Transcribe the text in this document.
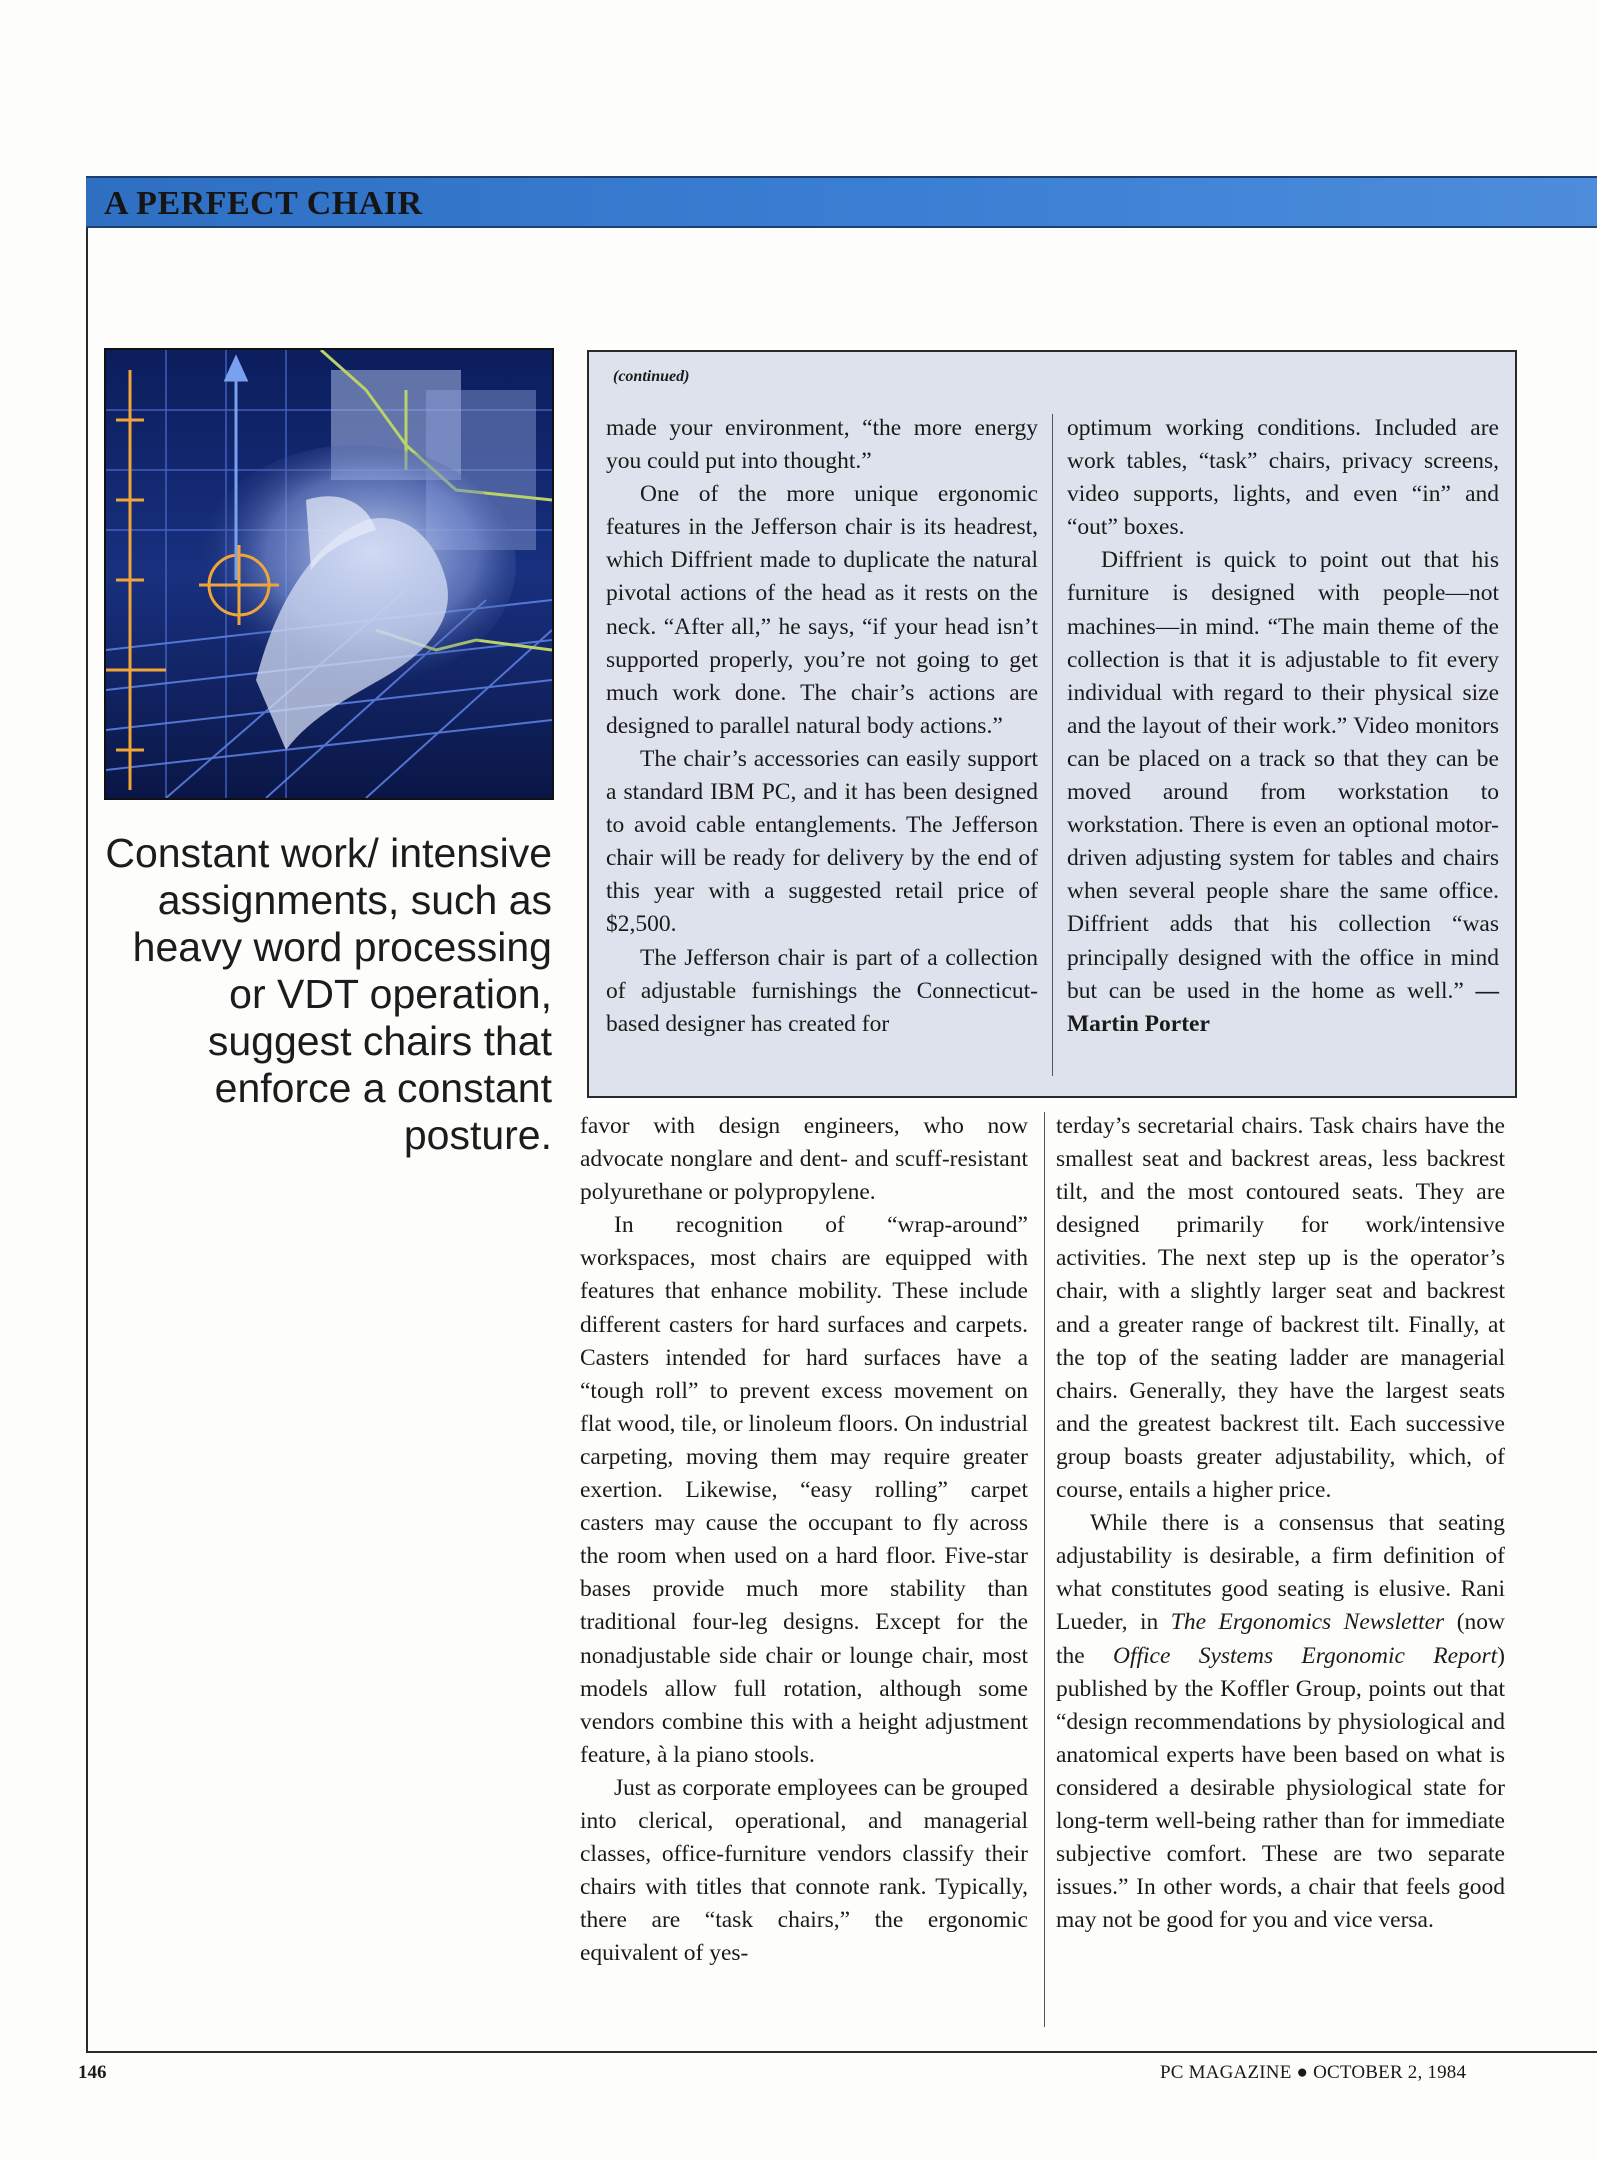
A PERFECT CHAIR
Constant work/ intensive assignments, such as heavy word processing or VDT operation, suggest chairs that enforce a constant posture.
(continued)

made your environment, “the more energy you could put into thought.”

One of the more unique ergonomic features in the Jefferson chair is its headrest, which Diffrient made to duplicate the natural pivotal actions of the head as it rests on the neck. “After all,” he says, “if your head isn’t supported properly, you’re not going to get much work done. The chair’s actions are designed to parallel natural body actions.”

The chair’s accessories can easily support a standard IBM PC, and it has been designed to avoid cable entanglements. The Jefferson chair will be ready for delivery by the end of this year with a suggested retail price of $2,500.

The Jefferson chair is part of a collection of adjustable furnishings the Connecticut-based designer has created for

optimum working conditions. Included are work tables, “task” chairs, privacy screens, video supports, lights, and even “in” and “out” boxes.

Diffrient is quick to point out that his furniture is designed with people—not machines—in mind. “The main theme of the collection is that it is adjustable to fit every individual with regard to their physical size and the layout of their work.” Video monitors can be placed on a track so that they can be moved around from workstation to workstation. There is even an optional motor-driven adjusting system for tables and chairs when several people share the same office. Diffrient adds that his collection “was principally designed with the office in mind but can be used in the home as well.” —Martin Porter

favor with design engineers, who now advocate nonglare and dent- and scuff-resistant polyurethane or polypropylene.

In recognition of “wrap-around” workspaces, most chairs are equipped with features that enhance mobility. These include different casters for hard surfaces and carpets. Casters intended for hard surfaces have a “tough roll” to prevent excess movement on flat wood, tile, or linoleum floors. On industrial carpeting, moving them may require greater exertion. Likewise, “easy rolling” carpet casters may cause the occupant to fly across the room when used on a hard floor. Five-star bases provide much more stability than traditional four-leg designs. Except for the nonadjustable side chair or lounge chair, most models allow full rotation, although some vendors combine this with a height adjustment feature, à la piano stools.

Just as corporate employees can be grouped into clerical, operational, and managerial classes, office-furniture vendors classify their chairs with titles that connote rank. Typically, there are “task chairs,” the ergonomic equivalent of yes-

terday’s secretarial chairs. Task chairs have the smallest seat and backrest areas, less backrest tilt, and the most contoured seats. They are designed primarily for work/intensive activities. The next step up is the operator’s chair, with a slightly larger seat and backrest and a greater range of backrest tilt. Finally, at the top of the seating ladder are managerial chairs. Generally, they have the largest seats and the greatest backrest tilt. Each successive group boasts greater adjustability, which, of course, entails a higher price.

While there is a consensus that seating adjustability is desirable, a firm definition of what constitutes good seating is elusive. Rani Lueder, in The Ergonomics Newsletter (now the Office Systems Ergonomic Report) published by the Koffler Group, points out that “design recommendations by physiological and anatomical experts have been based on what is considered a desirable physiological state for long-term well-being rather than for immediate subjective comfort. These are two separate issues.” In other words, a chair that feels good may not be good for you and vice versa.

146	PC MAGAZINE ● OCTOBER 2, 1984
